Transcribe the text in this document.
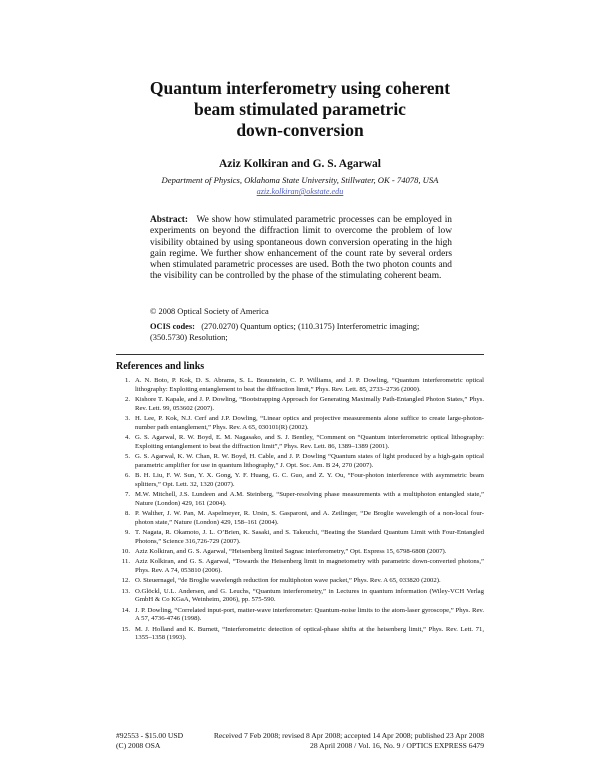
Quantum interferometry using coherent
beam stimulated parametric
down-conversion
Aziz Kolkiran and G. S. Agarwal
Department of Physics, Oklahoma State University, Stillwater, OK - 74078, USA
aziz.kolkiran@okstate.edu
Abstract: We show how stimulated parametric processes can be employed in experiments on beyond the diffraction limit to overcome the problem of low visibility obtained by using spontaneous down conversion operating in the high gain regime. We further show enhancement of the count rate by several orders when stimulated parametric processes are used. Both the two photon counts and the visibility can be controlled by the phase of the stimulating coherent beam.
© 2008 Optical Society of America
OCIS codes: (270.0270) Quantum optics; (110.3175) Interferometric imaging; (350.5730) Resolution;
References and links
1. A. N. Boto, P. Kok, D. S. Abrams, S. L. Braunstein, C. P. Williams, and J. P. Dowling, “Quantum interferometric optical lithography: Exploiting entanglement to beat the diffraction limit,” Phys. Rev. Lett. 85, 2733–2736 (2000).
2. Kishore T. Kapale, and J. P. Dowling, “Bootstrapping Approach for Generating Maximally Path-Entangled Photon States,” Phys. Rev. Lett. 99, 053602 (2007).
3. H. Lee, P. Kok, N.J. Cerf and J.P. Dowling, “Linear optics and projective measurements alone suffice to create large-photon-number path entanglement,” Phys. Rev. A 65, 030101(R) (2002).
4. G. S. Agarwal, R. W. Boyd, E. M. Nagasako, and S. J. Bentley, “Comment on “Quantum interferometric optical lithography: Exploiting entanglement to beat the diffraction limit”,” Phys. Rev. Lett. 86, 1389–1389 (2001).
5. G. S. Agarwal, K. W. Chan, R. W. Boyd, H. Cable, and J. P. Dowling “Quantum states of light produced by a high-gain optical parametric amplifier for use in quantum lithography,” J. Opt. Soc. Am. B 24, 270 (2007).
6. B. H. Liu, F. W. Sun, Y. X. Gong, Y. F. Huang, G. C. Guo, and Z. Y. Ou, “Four-photon interference with asymmetric beam splitters,” Opt. Lett. 32, 1320 (2007).
7. M.W. Mitchell, J.S. Lundeen and A.M. Steinberg, “Super-resolving phase measurements with a multiphoton entangled state,” Nature (London) 429, 161 (2004).
8. P. Walther, J. W. Pan, M. Aspelmeyer, R. Ursin, S. Gasparoni, and A. Zeilinger, “De Broglie wavelength of a non-local four-photon state,” Nature (London) 429, 158–161 (2004).
9. T. Nagata, R. Okamoto, J. L. O’Brien, K. Sasaki, and S. Takeuchi, “Beating the Standard Quantum Limit with Four-Entangled Photons,” Science 316,726-729 (2007).
10. Aziz Kolkiran, and G. S. Agarwal, “Heisenberg limited Sagnac interferometry,” Opt. Express 15, 6798-6808 (2007).
11. Aziz Kolkiran, and G. S. Agarwal, “Towards the Heisenberg limit in magnetometry with parametric down-converted photons,” Phys. Rev. A 74, 053810 (2006).
12. O. Steuernagel, “de Broglie wavelength reduction for multiphoton wave packet,” Phys. Rev. A 65, 033820 (2002).
13. O.Glöckl, U.L. Andersen, and G. Leuchs, “Quantum interferometry,” in Lectures in quantum information (Wiley-VCH Verlag GmbH & Co KGaA, Weinheim, 2006), pp. 575-590.
14. J. P. Dowling, “Correlated input-port, matter-wave interferometer: Quantum-noise limits to the atom-laser gyroscope,” Phys. Rev. A 57, 4736-4746 (1998).
15. M. J. Holland and K. Burnett, “Interferometric detection of optical-phase shifts at the heisenberg limit,” Phys. Rev. Lett. 71, 1355–1358 (1993).
#92553 - $15.00 USD	Received 7 Feb 2008; revised 8 Apr 2008; accepted 14 Apr 2008; published 23 Apr 2008
(C) 2008 OSA	28 April 2008 / Vol. 16, No. 9 / OPTICS EXPRESS 6479
